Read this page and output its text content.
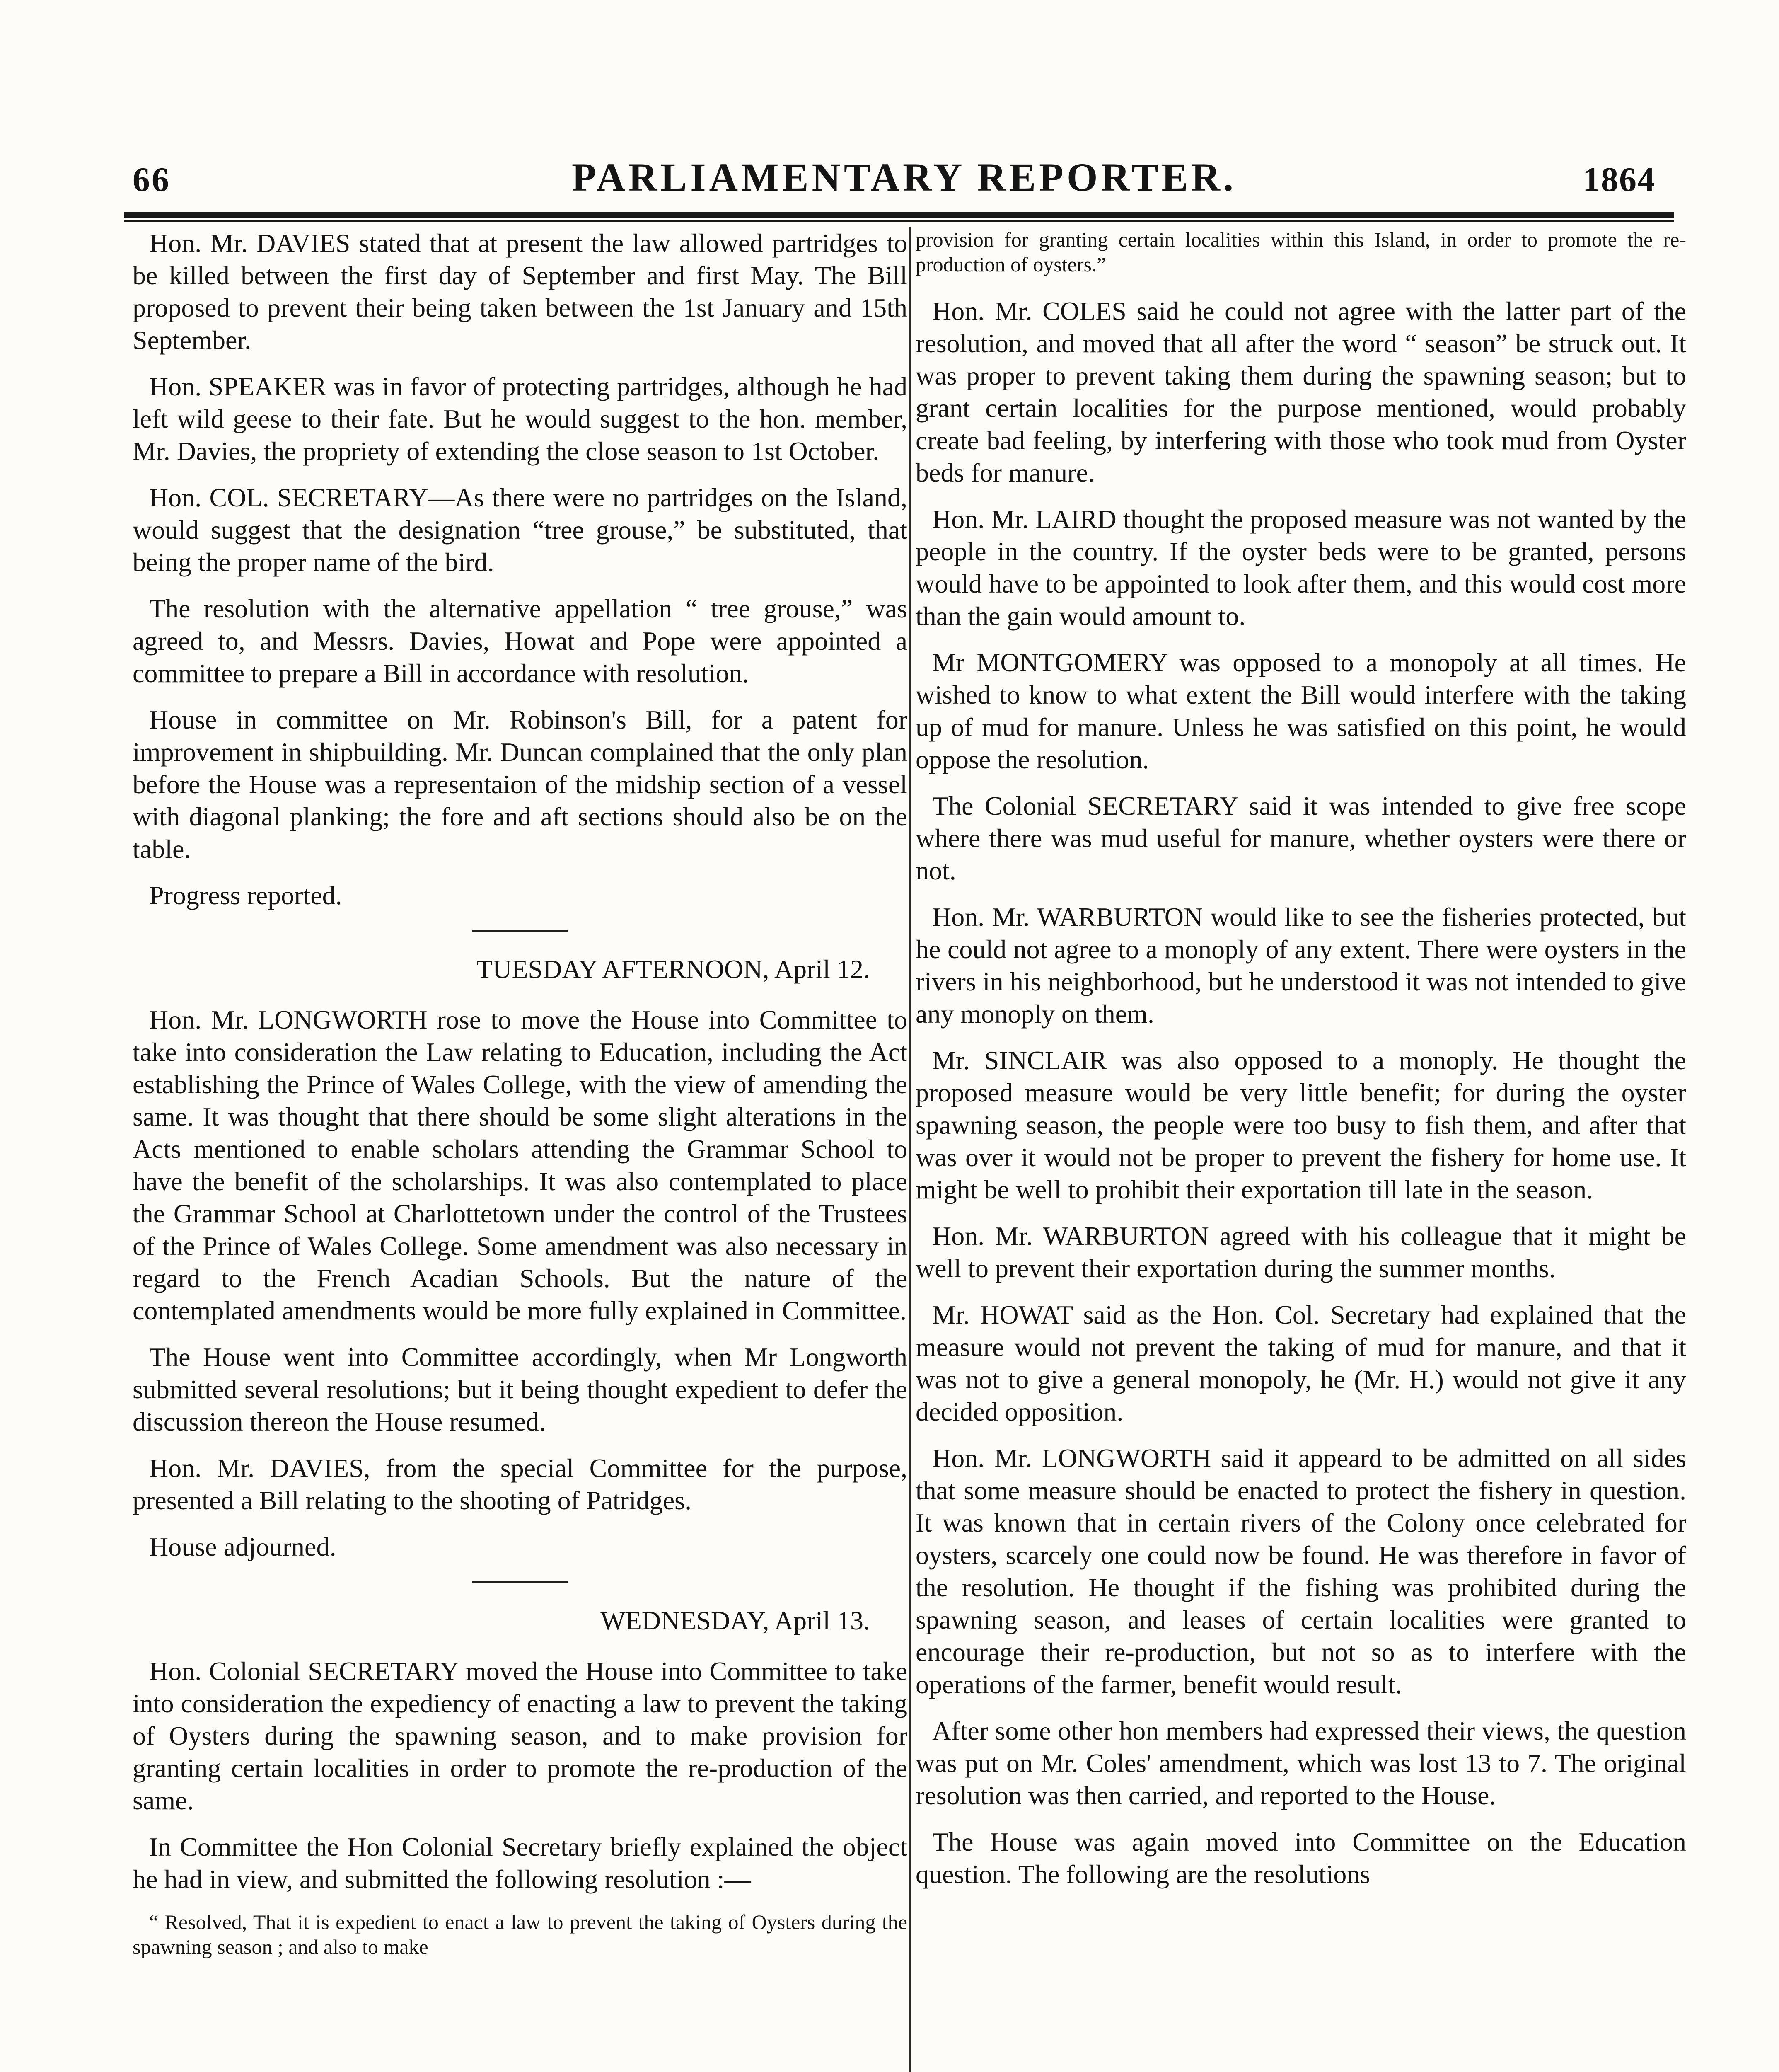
66	PARLIAMENTARY REPORTER.	1864

Hon. Mr. DAVIES stated that at present the law allowed partridges to be killed between the first day of September and first May. The Bill proposed to prevent their being taken between the 1st January and 15th September.

Hon. SPEAKER was in favor of protecting partridges, although he had left wild geese to their fate. But he would suggest to the hon. member, Mr. Davies, the propriety of extending the close season to 1st October.

Hon. COL. SECRETARY—As there were no partridges on the Island, would suggest that the designation “tree grouse,” be substituted, that being the proper name of the bird.

The resolution with the alternative appellation “ tree grouse,” was agreed to, and Messrs. Davies, Howat and Pope were appointed a committee to prepare a Bill in accordance with resolution.

House in committee on Mr. Robinson's Bill, for a patent for improvement in shipbuilding. Mr. Duncan complained that the only plan before the House was a representaion of the midship section of a vessel with diagonal planking; the fore and aft sections should also be on the table.

Progress reported.

TUESDAY AFTERNOON, April 12.

Hon. Mr. LONGWORTH rose to move the House into Committee to take into consideration the Law relating to Education, including the Act establishing the Prince of Wales College, with the view of amending the same. It was thought that there should be some slight alterations in the Acts mentioned to enable scholars attending the Grammar School to have the benefit of the scholarships. It was also contemplated to place the Grammar School at Charlottetown under the control of the Trustees of the Prince of Wales College. Some amendment was also necessary in regard to the French Acadian Schools. But the nature of the contemplated amendments would be more fully explained in Committee.

The House went into Committee accordingly, when Mr Longworth submitted several resolutions; but it being thought expedient to defer the discussion thereon the House resumed.

Hon. Mr. DAVIES, from the special Committee for the purpose, presented a Bill relating to the shooting of Patridges.

House adjourned.

WEDNESDAY, April 13.

Hon. Colonial SECRETARY moved the House into Committee to take into consideration the expediency of enacting a law to prevent the taking of Oysters during the spawning season, and to make provision for granting certain localities in order to promote the re-production of the same.

In Committee the Hon Colonial Secretary briefly explained the object he had in view, and submitted the following resolution :—

“ Resolved, That it is expedient to enact a law to prevent the taking of Oysters during the spawning season ; and also to make

provision for granting certain localities within this Island, in order to promote the re-production of oysters.”

Hon. Mr. COLES said he could not agree with the latter part of the resolution, and moved that all after the word “ season” be struck out. It was proper to prevent taking them during the spawning season; but to grant certain localities for the purpose mentioned, would probably create bad feeling, by interfering with those who took mud from Oyster beds for manure.

Hon. Mr. LAIRD thought the proposed measure was not wanted by the people in the country. If the oyster beds were to be granted, persons would have to be appointed to look after them, and this would cost more than the gain would amount to.

Mr MONTGOMERY was opposed to a monopoly at all times. He wished to know to what extent the Bill would interfere with the taking up of mud for manure. Unless he was satisfied on this point, he would oppose the resolution.

The Colonial SECRETARY said it was intended to give free scope where there was mud useful for manure, whether oysters were there or not.

Hon. Mr. WARBURTON would like to see the fisheries protected, but he could not agree to a monoply of any extent. There were oysters in the rivers in his neighborhood, but he understood it was not intended to give any monoply on them.

Mr. SINCLAIR was also opposed to a monoply. He thought the proposed measure would be very little benefit; for during the oyster spawning season, the people were too busy to fish them, and after that was over it would not be proper to prevent the fishery for home use. It might be well to prohibit their exportation till late in the season.

Hon. Mr. WARBURTON agreed with his colleague that it might be well to prevent their exportation during the summer months.

Mr. HOWAT said as the Hon. Col. Secretary had explained that the measure would not prevent the taking of mud for manure, and that it was not to give a general monopoly, he (Mr. H.) would not give it any decided opposition.

Hon. Mr. LONGWORTH said it appeard to be admitted on all sides that some measure should be enacted to protect the fishery in question. It was known that in certain rivers of the Colony once celebrated for oysters, scarcely one could now be found. He was therefore in favor of the resolution. He thought if the fishing was prohibited during the spawning season, and leases of certain localities were granted to encourage their re-production, but not so as to interfere with the operations of the farmer, benefit would result.

After some other hon members had expressed their views, the question was put on Mr. Coles' amendment, which was lost 13 to 7. The original resolution was then carried, and reported to the House.

The House was again moved into Committee on the Education question. The following are the resolutions
